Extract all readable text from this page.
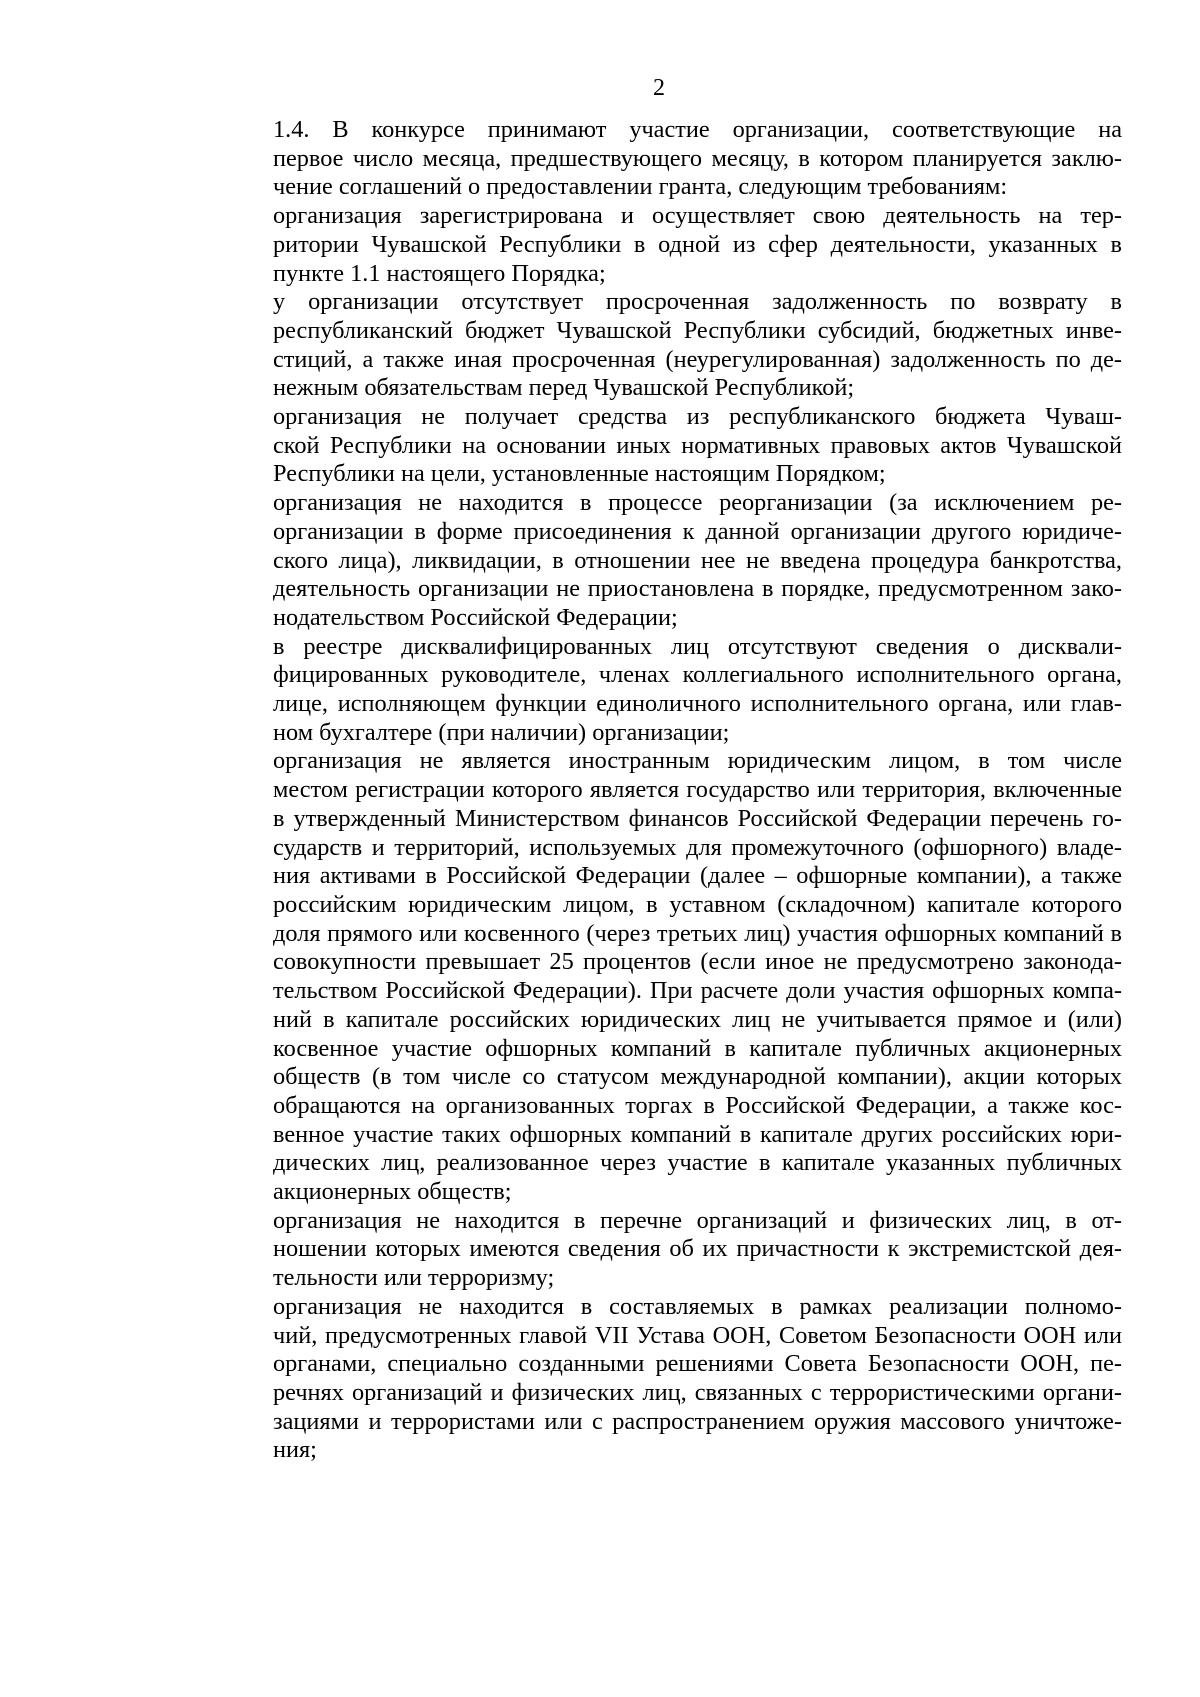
2

1.4. В конкурсе принимают участие организации, соответствующие на
первое число месяца, предшествующего месяцу, в котором планируется заклю-
чение соглашений о предоставлении гранта, следующим требованиям:

организация зарегистрирована и осуществляет свою деятельность на тер-
ритории Чувашской Республики в одной из сфер деятельности, указанных в
пункте 1.1 настоящего Порядка;

у организации отсутствует просроченная задолженность по возврату в
республиканский бюджет Чувашской Республики субсидий, бюджетных инве-
стиций, а также иная просроченная (неурегулированная) задолженность по де-
нежным обязательствам перед Чувашской Республикой;

организация не получает средства из республиканского бюджета Чуваш-
ской Республики на основании иных нормативных правовых актов Чувашской
Республики на цели, установленные настоящим Порядком;

организация не находится в процессе реорганизации (за исключением ре-
организации в форме присоединения к данной организации другого юридиче-
ского лица), ликвидации, в отношении нее не введена процедура банкротства,
деятельность организации не приостановлена в порядке, предусмотренном зако-
нодательством Российской Федерации;

в реестре дисквалифицированных лиц отсутствуют сведения о дисквали-
фицированных руководителе, членах коллегиального исполнительного органа,
лице, исполняющем функции единоличного исполнительного органа, или глав-
ном бухгалтере (при наличии) организации;

организация не является иностранным юридическим лицом, в том числе
местом регистрации которого является государство или территория, включенные
в утвержденный Министерством финансов Российской Федерации перечень го-
сударств и территорий, используемых для промежуточного (офшорного) владе-
ния активами в Российской Федерации (далее – офшорные компании), а также
российским юридическим лицом, в уставном (складочном) капитале которого
доля прямого или косвенного (через третьих лиц) участия офшорных компаний в
совокупности превышает 25 процентов (если иное не предусмотрено законода-
тельством Российской Федерации). При расчете доли участия офшорных компа-
ний в капитале российских юридических лиц не учитывается прямое и (или)
косвенное участие офшорных компаний в капитале публичных акционерных
обществ (в том числе со статусом международной компании), акции которых
обращаются на организованных торгах в Российской Федерации, а также кос-
венное участие таких офшорных компаний в капитале других российских юри-
дических лиц, реализованное через участие в капитале указанных публичных
акционерных обществ;

организация не находится в перечне организаций и физических лиц, в от-
ношении которых имеются сведения об их причастности к экстремистской дея-
тельности или терроризму;

организация не находится в составляемых в рамках реализации полномо-
чий, предусмотренных главой VII Устава ООН, Советом Безопасности ООН или
органами, специально созданными решениями Совета Безопасности ООН, пе-
речнях организаций и физических лиц, связанных с террористическими органи-
зациями и террористами или с распространением оружия массового уничтоже-
ния;
